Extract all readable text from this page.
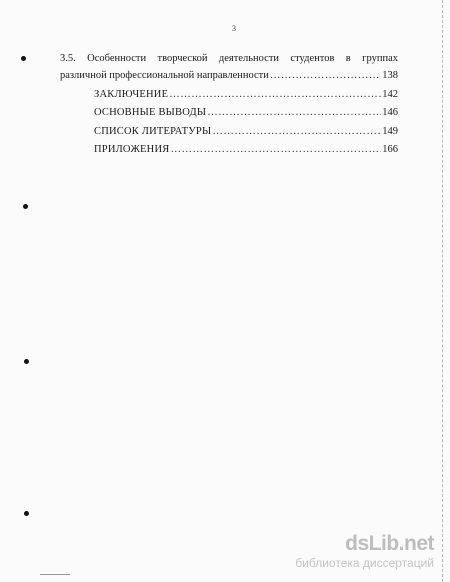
3
3.5. Особенности творческой деятельности студентов в группах
различной профессиональной направленности …………………………………………………………………………………………………………………………	138
ЗАКЛЮЧЕНИЕ …………………………………………………………………………………………………………………………	142
ОСНОВНЫЕ ВЫВОДЫ …………………………………………………………………………………………………………………………	146
СПИСОК ЛИТЕРАТУРЫ …………………………………………………………………………………………………………………………	149
ПРИЛОЖЕНИЯ …………………………………………………………………………………………………………………………	166
dsLib.net
библиотека диссертаций
